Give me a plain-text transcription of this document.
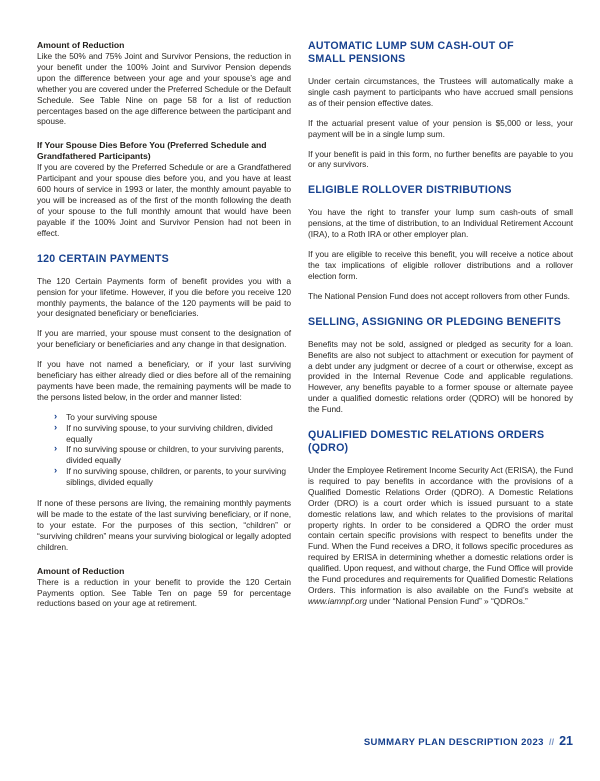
Amount of Reduction

Like the 50% and 75% Joint and Survivor Pensions, the reduction in your benefit under the 100% Joint and Survivor Pension depends upon the difference between your age and your spouse’s age and whether you are covered under the Preferred Schedule or the Default Schedule. See Table Nine on page 58 for a list of reduction percentages based on the age difference between the participant and spouse.

If Your Spouse Dies Before You (Preferred Schedule and Grandfathered Participants)

If you are covered by the Preferred Schedule or are a Grandfathered Participant and your spouse dies before you, and you have at least 600 hours of service in 1993 or later, the monthly amount payable to you will be increased as of the first of the month following the death of your spouse to the full monthly amount that would have been payable if the 100% Joint and Survivor Pension had not been in effect.

120 CERTAIN PAYMENTS

The 120 Certain Payments form of benefit provides you with a pension for your lifetime. However, if you die before you receive 120 monthly payments, the balance of the 120 payments will be paid to your designated beneficiary or beneficiaries.

If you are married, your spouse must consent to the designation of your beneficiary or beneficiaries and any change in that designation.

If you have not named a beneficiary, or if your last surviving beneficiary has either already died or dies before all of the remaining payments have been made, the remaining payments will be made to the persons listed below, in the order and manner listed:

› To your surviving spouse
› If no surviving spouse, to your surviving children, divided equally
› If no surviving spouse or children, to your surviving parents, divided equally
› If no surviving spouse, children, or parents, to your surviving siblings, divided equally

If none of these persons are living, the remaining monthly payments will be made to the estate of the last surviving beneficiary, or if none, to your estate. For the purposes of this section, “children” or “surviving children” means your surviving biological or legally adopted children.

Amount of Reduction

There is a reduction in your benefit to provide the 120 Certain Payments option. See Table Ten on page 59 for percentage reductions based on your age at retirement.

AUTOMATIC LUMP SUM CASH-OUT OF
SMALL PENSIONS

Under certain circumstances, the Trustees will automatically make a single cash payment to participants who have accrued small pensions as of their pension effective dates.

If the actuarial present value of your pension is $5,000 or less, your payment will be in a single lump sum.

If your benefit is paid in this form, no further benefits are payable to you or any survivors.

ELIGIBLE ROLLOVER DISTRIBUTIONS

You have the right to transfer your lump sum cash-outs of small pensions, at the time of distribution, to an Individual Retirement Account (IRA), to a Roth IRA or other employer plan.

If you are eligible to receive this benefit, you will receive a notice about the tax implications of eligible rollover distributions and a rollover election form.

The National Pension Fund does not accept rollovers from other Funds.

SELLING, ASSIGNING OR PLEDGING BENEFITS

Benefits may not be sold, assigned or pledged as security for a loan. Benefits are also not subject to attachment or execution for payment of a debt under any judgment or decree of a court or otherwise, except as provided in the Internal Revenue Code and applicable regulations. However, any benefits payable to a former spouse or alternate payee under a qualified domestic relations order (QDRO) will be honored by the Fund.

QUALIFIED DOMESTIC RELATIONS ORDERS (QDRO)

Under the Employee Retirement Income Security Act (ERISA), the Fund is required to pay benefits in accordance with the provisions of a Qualified Domestic Relations Order (QDRO). A Domestic Relations Order (DRO) is a court order which is issued pursuant to a state domestic relations law, and which relates to the provisions of marital property rights. In order to be considered a QDRO the order must contain certain specific provisions with respect to benefits under the Fund. When the Fund receives a DRO, it follows specific procedures as required by ERISA in determining whether a domestic relations order is qualified. Upon request, and without charge, the Fund Office will provide the Fund procedures and requirements for Qualified Domestic Relations Orders. This information is also available on the Fund’s website at www.iamnpf.org under “National Pension Fund” » “QDROs.”

SUMMARY PLAN DESCRIPTION 2023 // 21
